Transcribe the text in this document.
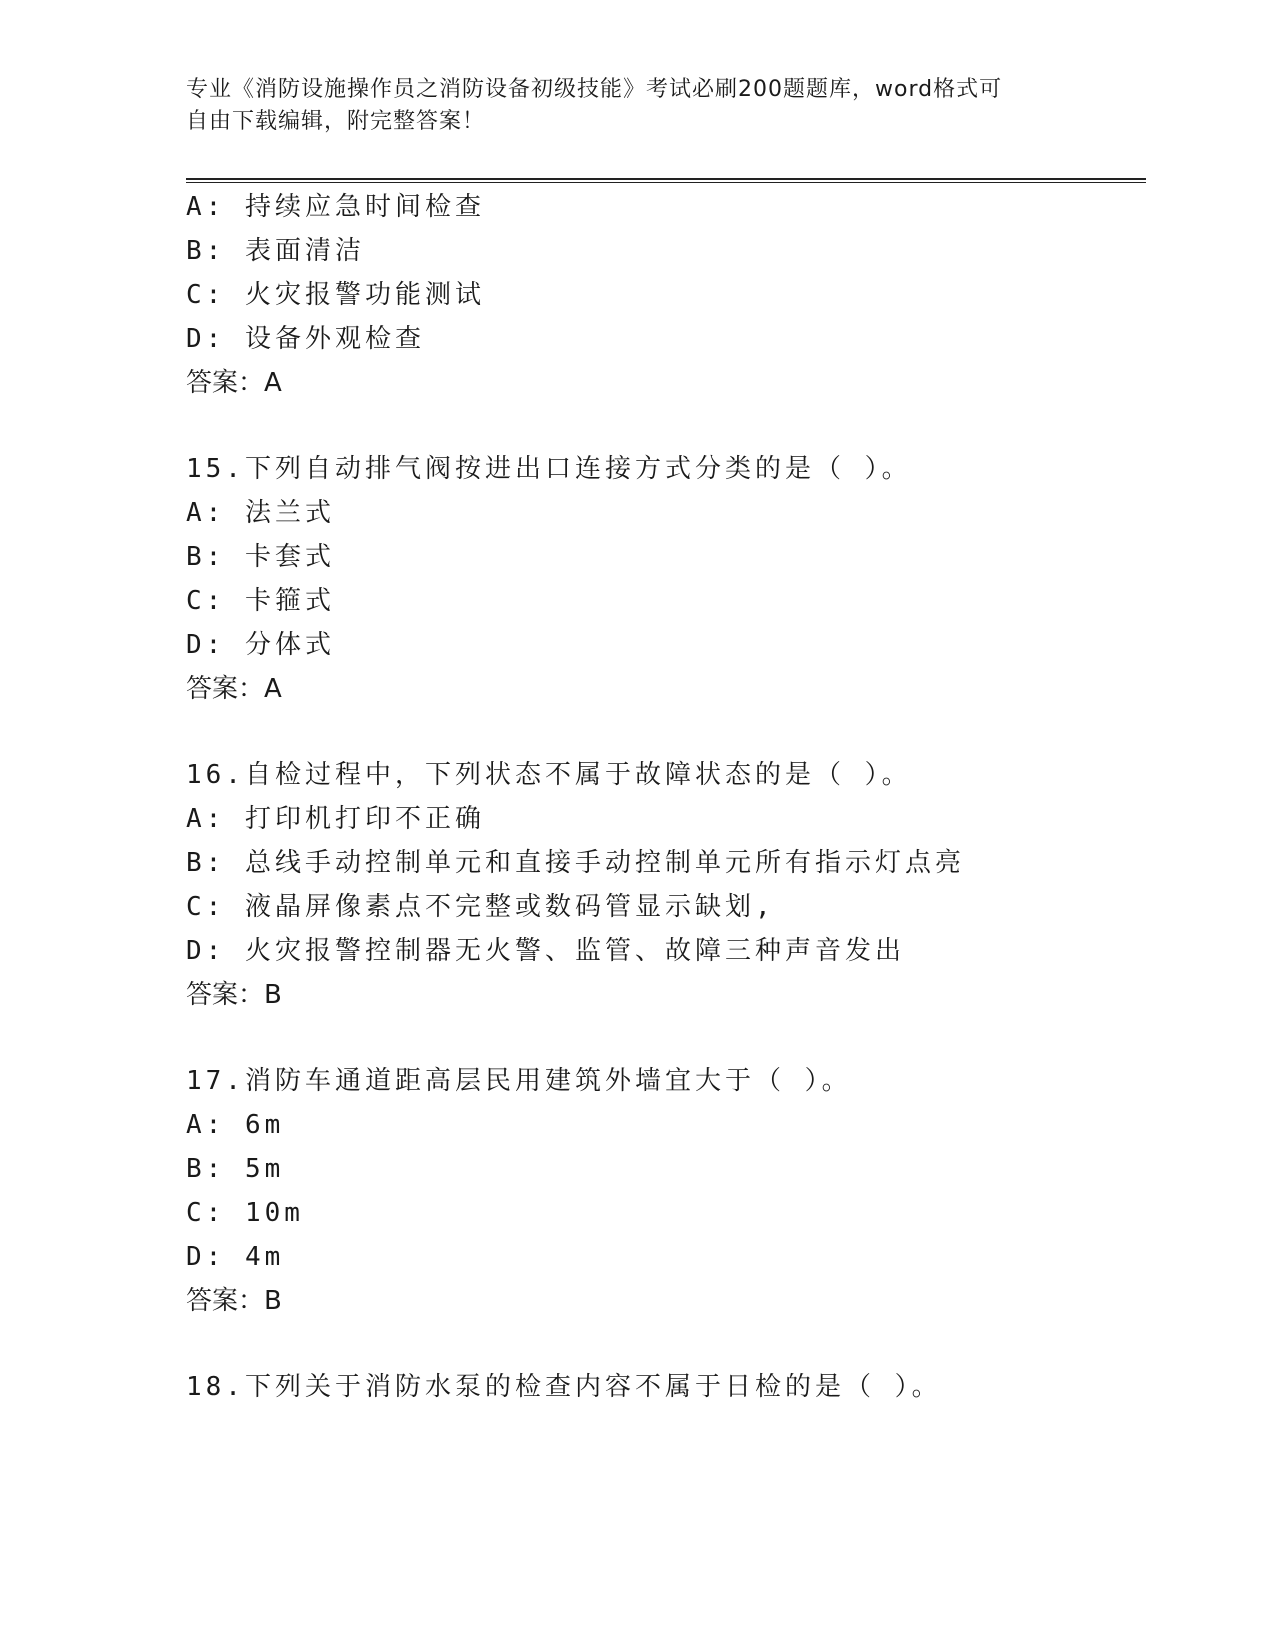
专业《消防设施操作员之消防设备初级技能》考试必刷200题题库，word格式可
自由下载编辑，附完整答案！
A: 持续应急时间检查
B: 表面清洁
C: 火灾报警功能测试
D: 设备外观检查
答案：A
15.下列自动排气阀按进出口连接方式分类的是（ ）。
A: 法兰式
B: 卡套式
C: 卡箍式
D: 分体式
答案：A
16.自检过程中，下列状态不属于故障状态的是（ ）。
A: 打印机打印不正确
B: 总线手动控制单元和直接手动控制单元所有指示灯点亮
C: 液晶屏像素点不完整或数码管显示缺划,
D: 火灾报警控制器无火警、监管、故障三种声音发出
答案：B
17.消防车通道距高层民用建筑外墙宜大于（ ）。
A: 6m
B: 5m
C: 10m
D: 4m
答案：B
18.下列关于消防水泵的检查内容不属于日检的是（ ）。
